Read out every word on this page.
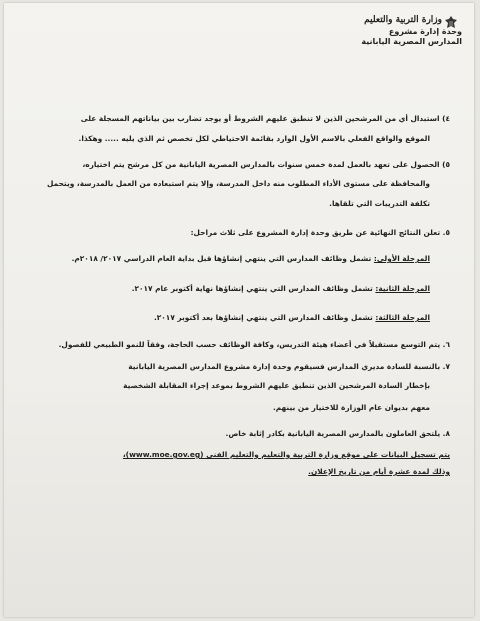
وزارة التربية والتعليم
وحدة إدارة مشروع
المدارس المصرية اليابانية
٤) استبدال أي من المرشحين الذين لا تنطبق عليهم الشروط أو يوجد تضارب بين بياناتهم المسجلة على
الموقع والواقع الفعلي بالاسم الأول الوارد بقائمة الاحتياطي لكل تخصص ثم الذي يليه ..... وهكذا.
٥) الحصول على تعهد بالعمل لمدة خمس سنوات بالمدارس المصرية اليابانية من كل مرشح يتم اختياره،
والمحافظة على مستوى الأداء المطلوب منه داخل المدرسة، وإلا يتم استبعاده من العمل بالمدرسة، ويتحمل
تكلفة التدريبات التي تلقاها.
٥. تعلن النتائج النهائية عن طريق وحدة إدارة المشروع على ثلاث مراحل:
المرحلة الأولى: تشمل وظائف المدارس التي ينتهي إنشاؤها قبل بداية العام الدراسي ٢٠١٧/ ٢٠١٨م.
المرحلة الثانية: تشمل وظائف المدارس التي ينتهي إنشاؤها نهاية أكتوبر عام ٢٠١٧.
المرحلة الثالثة: تشمل وظائف المدارس التي ينتهي إنشاؤها بعد أكتوبر ٢٠١٧.
٦. يتم التوسع مستقبلاً في أعضاء هيئة التدريس، وكافة الوظائف حسب الحاجة، وفقاً للنمو الطبيعي للفصول.
٧. بالنسبة للسادة مديري المدارس فسيقوم وحدة إدارة مشروع المدارس المصرية اليابانية
بإخطار السادة المرشحين الذين تنطبق عليهم الشروط بموعد إجراء المقابلة الشخصية
معهم بديوان عام الوزارة للاختيار من بينهم.
٨. يلتحق العاملون بالمدارس المصرية اليابانية بكادر إثابة خاص.
يتم تسجيل البيانات على موقع وزارة التربية والتعليم والتعليم الفنى (www.moe.gov.eg)،
وذلك لمدة عشرة أيام من تاريخ الإعلان.
